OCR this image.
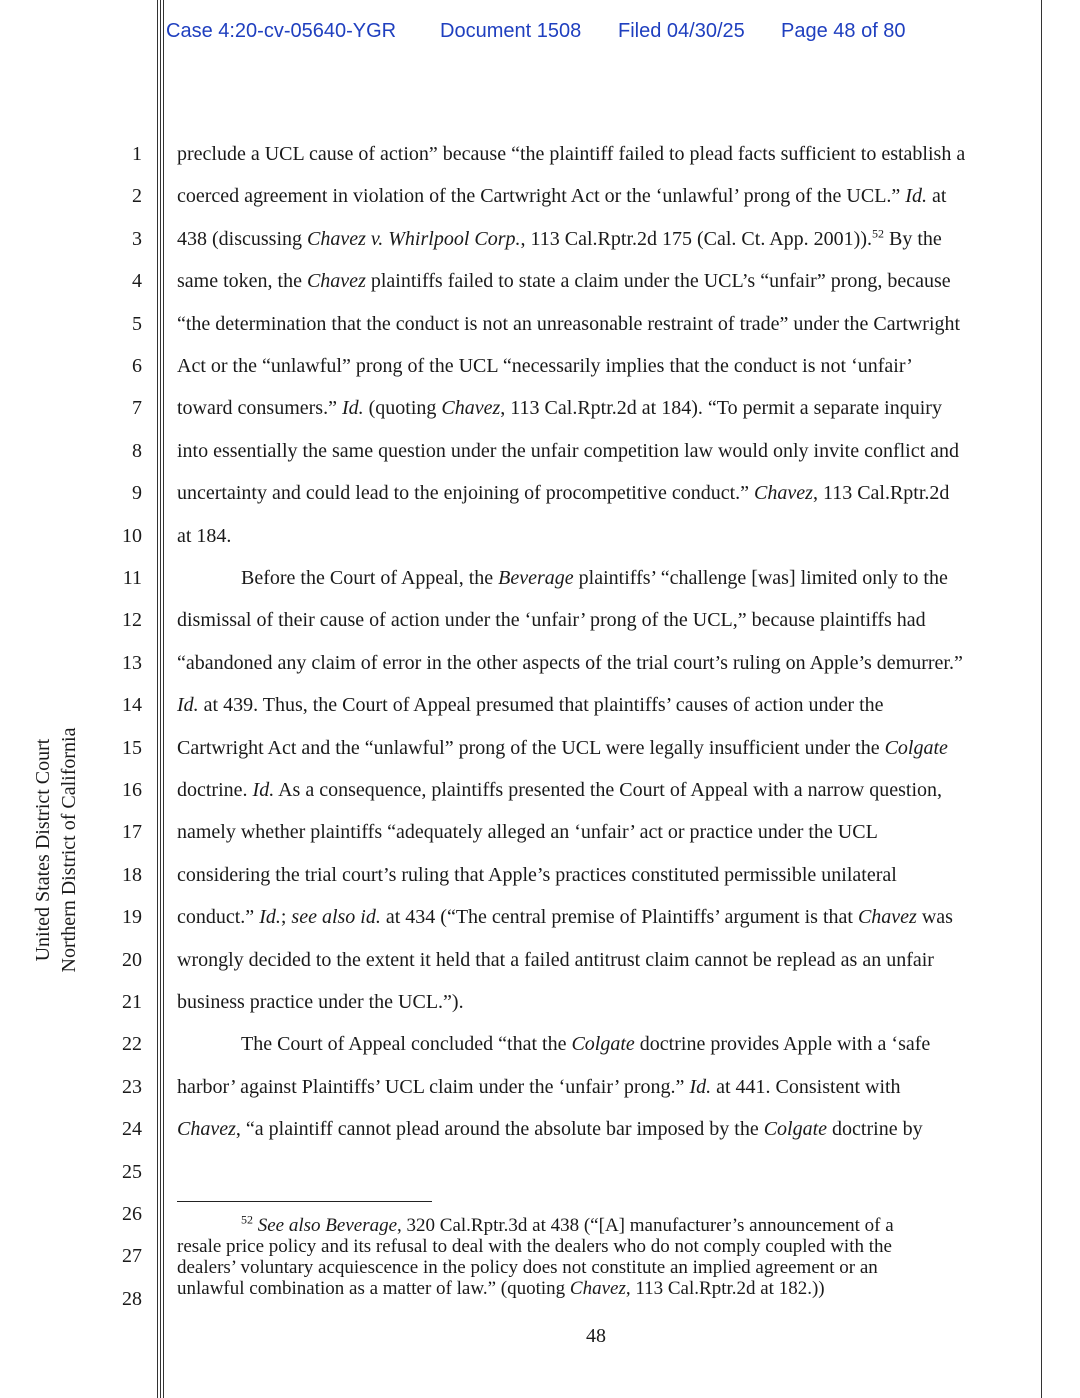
Case 4:20-cv-05640-YGR Document 1508 Filed 04/30/25 Page 48 of 80
United States District Court Northern District of California
1
2
3
4
5
6
7
8
9
10
11
12
13
14
15
16
17
18
19
20
21
22
23
24
25
26
27
28
preclude a UCL cause of action” because “the plaintiff failed to plead facts sufficient to establish a
coerced agreement in violation of the Cartwright Act or the ‘unlawful’ prong of the UCL.” Id. at
438 (discussing Chavez v. Whirlpool Corp., 113 Cal.Rptr.2d 175 (Cal. Ct. App. 2001)).$^{52}$ By the
same token, the Chavez plaintiffs failed to state a claim under the UCL’s “unfair” prong, because
“the determination that the conduct is not an unreasonable restraint of trade” under the Cartwright
Act or the “unlawful” prong of the UCL “necessarily implies that the conduct is not ‘unfair’
toward consumers.” Id. (quoting Chavez, 113 Cal.Rptr.2d at 184). “To permit a separate inquiry
into essentially the same question under the unfair competition law would only invite conflict and
uncertainty and could lead to the enjoining of procompetitive conduct.” Chavez, 113 Cal.Rptr.2d
at 184.
Before the Court of Appeal, the Beverage plaintiffs’ “challenge [was] limited only to the
dismissal of their cause of action under the ‘unfair’ prong of the UCL,” because plaintiffs had
“abandoned any claim of error in the other aspects of the trial court’s ruling on Apple’s demurrer.”
Id. at 439. Thus, the Court of Appeal presumed that plaintiffs’ causes of action under the
Cartwright Act and the “unlawful” prong of the UCL were legally insufficient under the Colgate
doctrine. Id. As a consequence, plaintiffs presented the Court of Appeal with a narrow question,
namely whether plaintiffs “adequately alleged an ‘unfair’ act or practice under the UCL
considering the trial court’s ruling that Apple’s practices constituted permissible unilateral
conduct.” Id.; see also id. at 434 (“The central premise of Plaintiffs’ argument is that Chavez was
wrongly decided to the extent it held that a failed antitrust claim cannot be replead as an unfair
business practice under the UCL.”).
The Court of Appeal concluded “that the Colgate doctrine provides Apple with a ‘safe
harbor’ against Plaintiffs’ UCL claim under the ‘unfair’ prong.” Id. at 441. Consistent with
Chavez, “a plaintiff cannot plead around the absolute bar imposed by the Colgate doctrine by
$^{52}$ See also Beverage, 320 Cal.Rptr.3d at 438 (“[A] manufacturer’s announcement of a
resale price policy and its refusal to deal with the dealers who do not comply coupled with the
dealers’ voluntary acquiescence in the policy does not constitute an implied agreement or an
unlawful combination as a matter of law.” (quoting Chavez, 113 Cal.Rptr.2d at 182.))
48
